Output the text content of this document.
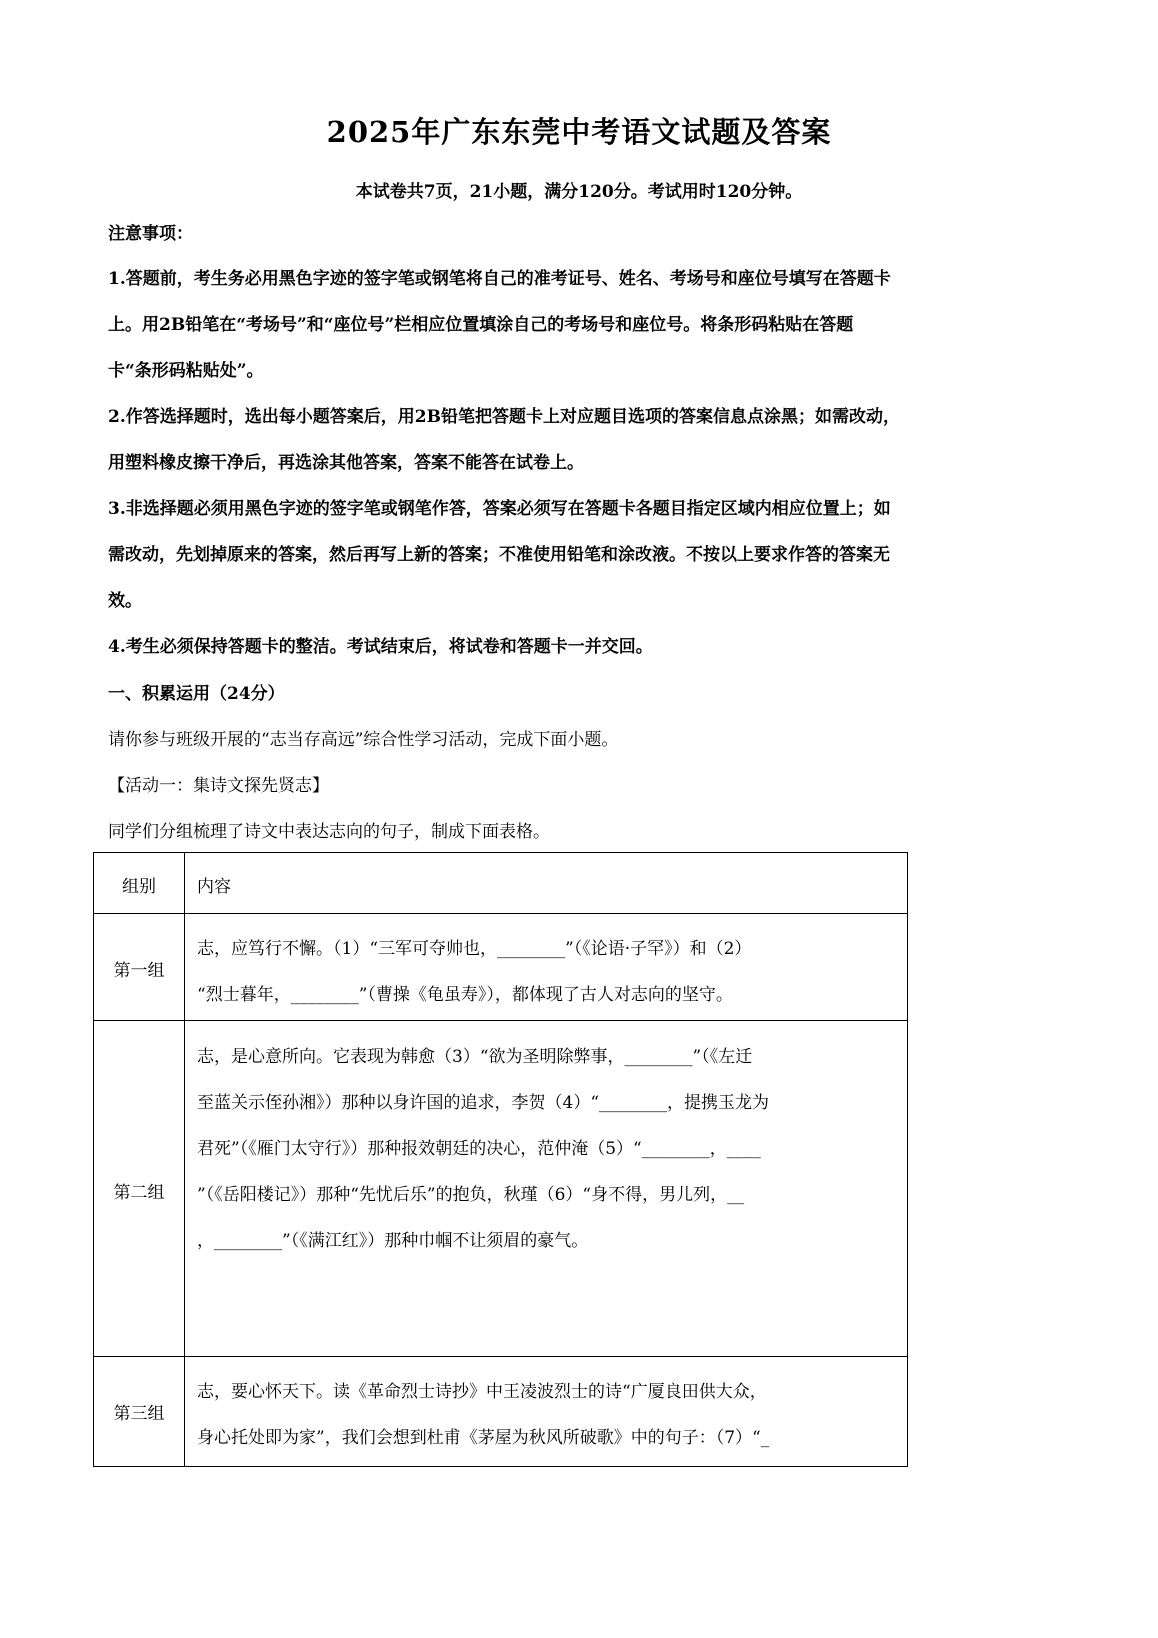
2025年广东东莞中考语文试题及答案
本试卷共7页，21小题，满分120分。考试用时120分钟。
注意事项：
1.答题前，考生务必用黑色字迹的签字笔或钢笔将自己的准考证号、姓名、考场号和座位号填写在答题卡
上。用2B铅笔在“考场号”和“座位号”栏相应位置填涂自己的考场号和座位号。将条形码粘贴在答题
卡“条形码粘贴处”。
2.作答选择题时，选出每小题答案后，用2B铅笔把答题卡上对应题目选项的答案信息点涂黑；如需改动，
用塑料橡皮擦干净后，再选涂其他答案，答案不能答在试卷上。
3.非选择题必须用黑色字迹的签字笔或钢笔作答，答案必须写在答题卡各题目指定区域内相应位置上；如
需改动，先划掉原来的答案，然后再写上新的答案；不准使用铅笔和涂改液。不按以上要求作答的答案无
效。
4.考生必须保持答题卡的整洁。考试结束后，将试卷和答题卡一并交回。
一、积累运用（24分）
请你参与班级开展的“志当存高远”综合性学习活动，完成下面小题。
【活动一：集诗文探先贤志】
同学们分组梳理了诗文中表达志向的句子，制成下面表格。
组别	内容
第一组
志，应笃行不懈。（1）“三军可夺帅也，________”（《论语·子罕》）和（2）
“烈士暮年，________”（曹操《龟虽寿》），都体现了古人对志向的坚守。
第二组
志，是心意所向。它表现为韩愈（3）“欲为圣明除弊事，________”（《左迁
至蓝关示侄孙湘》）那种以身许国的追求，李贺（4）“________，提携玉龙为
君死”（《雁门太守行》）那种报效朝廷的决心，范仲淹（5）“________，____
”（《岳阳楼记》）那种“先忧后乐”的抱负，秋瑾（6）“身不得，男儿列，__
，________”（《满江红》）那种巾帼不让须眉的豪气。
第三组
志，要心怀天下。读《革命烈士诗抄》中王凌波烈士的诗“广厦良田供大众，
身心托处即为家”，我们会想到杜甫《茅屋为秋风所破歌》中的句子：（7）“_
